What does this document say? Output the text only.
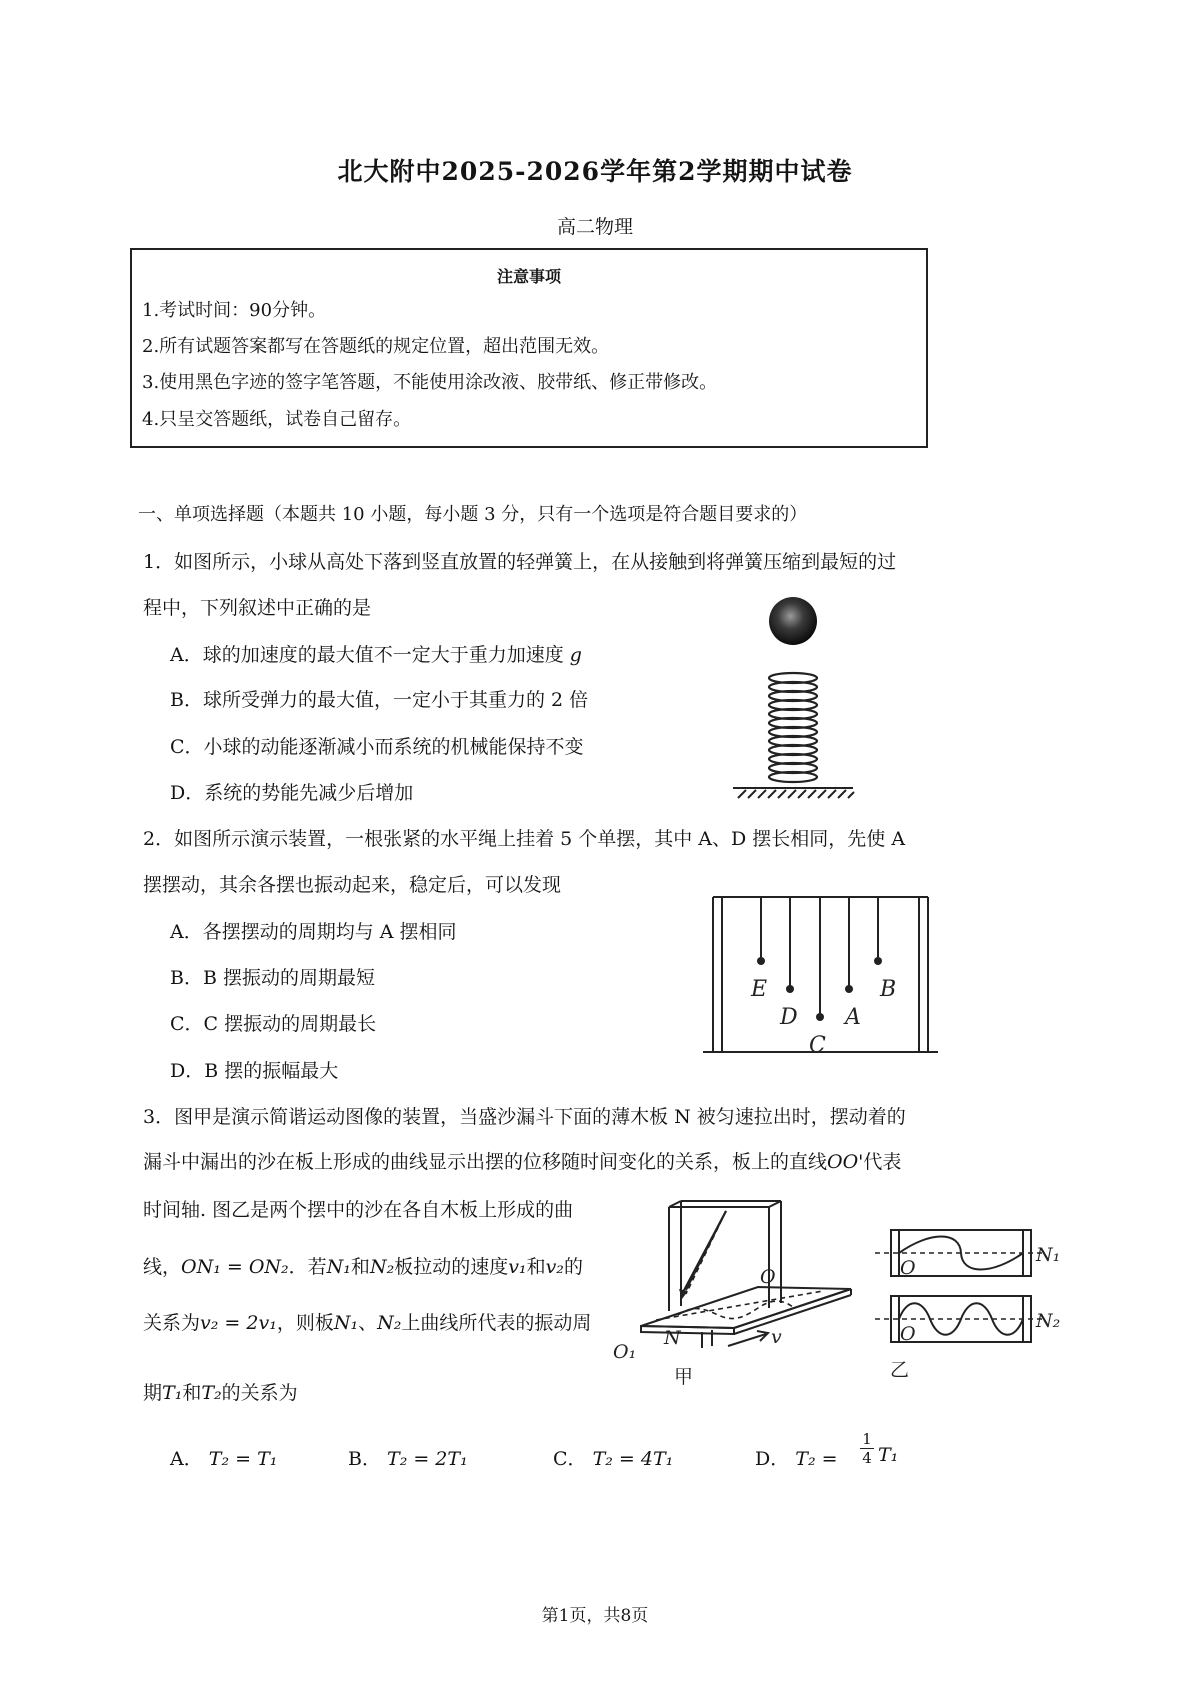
北大附中2025-2026学年第2学期期中试卷
高二物理
注意事项
1.考试时间：90分钟。
2.所有试题答案都写在答题纸的规定位置，超出范围无效。
3.使用黑色字迹的签字笔答题，不能使用涂改液、胶带纸、修正带修改。
4.只呈交答题纸，试卷自己留存。
一、单项选择题（本题共 10 小题，每小题 3 分，只有一个选项是符合题目要求的）
1．如图所示，小球从高处下落到竖直放置的轻弹簧上，在从接触到将弹簧压缩到最短的过
程中，下列叙述中正确的是
A．球的加速度的最大值不一定大于重力加速度 g
B．球所受弹力的最大值，一定小于其重力的 2 倍
C．小球的动能逐渐减小而系统的机械能保持不变
D．系统的势能先减少后增加
2．如图所示演示装置，一根张紧的水平绳上挂着 5 个单摆，其中 A、D 摆长相同，先使 A
摆摆动，其余各摆也振动起来，稳定后，可以发现
A．各摆摆动的周期均与 A 摆相同
B．B 摆振动的周期最短
C．C 摆振动的周期最长
D．B 摆的振幅最大
E
D
C
A
B
3．图甲是演示简谐运动图像的装置，当盛沙漏斗下面的薄木板 N 被匀速拉出时，摆动着的
漏斗中漏出的沙在板上形成的曲线显示出摆的位移随时间变化的关系，板上的直线OO'代表
时间轴. 图乙是两个摆中的沙在各自木板上形成的曲
线，ON₁ = ON₂．若N₁和N₂板拉动的速度v₁和v₂的
关系为v₂ = 2v₁，则板N₁、N₂上曲线所代表的振动周
期T₁和T₂的关系为
A． T₂ = T₁	B． T₂ = 2T₁	C． T₂ = 4T₁	D． $T_2 = \frac{1}{4} T_1$
O
O₁
N	v
甲
O
O
N₁
N₂
乙
第1页，共8页
